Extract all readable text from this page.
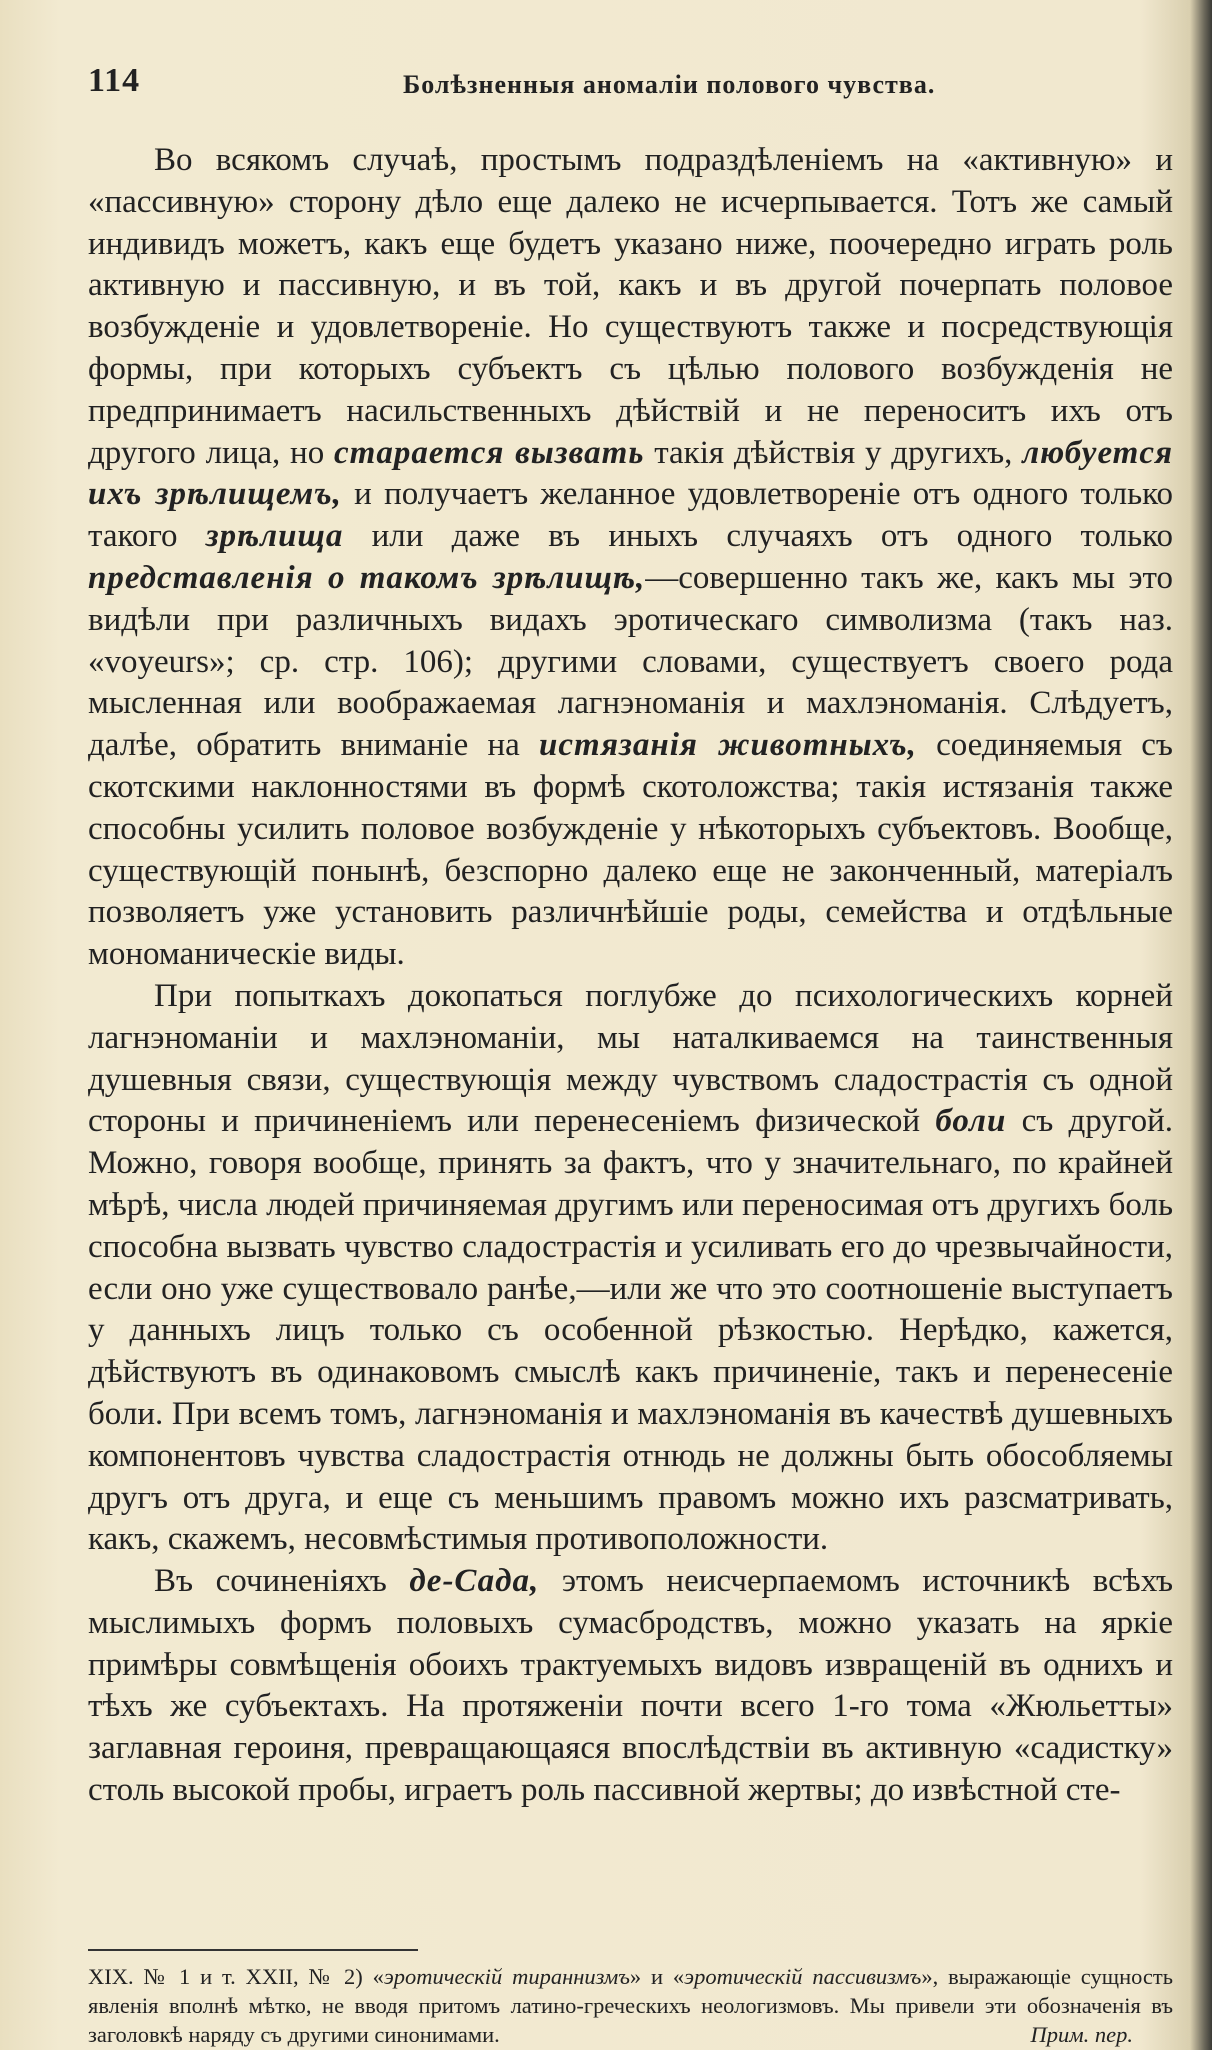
114	Болѣзненныя аномаліи полового чувства.

Во всякомъ случаѣ, простымъ подраздѣленіемъ на «активную» и «пассивную» сторону дѣло еще далеко не исчерпывается. Тотъ же самый индивидъ можетъ, какъ еще будетъ указано ниже, поочередно играть роль активную и пассивную, и въ той, какъ и въ другой почерпать половое возбужденіе и удовлетвореніе. Но существуютъ также и посредствующія формы, при которыхъ субъектъ съ цѣлью полового возбужденія не предпринимаетъ насильственныхъ дѣйствій и не переноситъ ихъ отъ другого лица, но старается вызвать такія дѣйствія у другихъ, любуется ихъ зрѣлищемъ, и получаетъ желанное удовлетвореніе отъ одного только такого зрѣлища или даже въ иныхъ случаяхъ отъ одного только представленія о такомъ зрѣлищѣ,—совершенно такъ же, какъ мы это видѣли при различныхъ видахъ эротическаго символизма (такъ наз. «voyeurs»; ср. стр. 106); другими словами, существуетъ своего рода мысленная или воображаемая лагнэноманія и махлэноманія. Слѣдуетъ, далѣе, обратить вниманіе на истязанія животныхъ, соединяемыя съ скотскими наклонностями въ формѣ скотоложства; такія истязанія также способны усилить половое возбужденіе у нѣкоторыхъ субъектовъ. Вообще, существующій понынѣ, безспорно далеко еще не законченный, матеріалъ позволяетъ уже установить различнѣйшіе роды, семейства и отдѣльные мономаническіе виды.

При попыткахъ докопаться поглубже до психологическихъ корней лагнэноманіи и махлэноманіи, мы наталкиваемся на таинственныя душевныя связи, существующія между чувствомъ сладострастія съ одной стороны и причиненіемъ или перенесеніемъ физической боли съ другой. Можно, говоря вообще, принять за фактъ, что у значительнаго, по крайней мѣрѣ, числа людей причиняемая другимъ или переносимая отъ другихъ боль способна вызвать чувство сладострастія и усиливать его до чрезвычайности, если оно уже существовало ранѣе,—или же что это соотношеніе выступаетъ у данныхъ лицъ только съ особенной рѣзкостью. Нерѣдко, кажется, дѣйствуютъ въ одинаковомъ смыслѣ какъ причиненіе, такъ и перенесеніе боли. При всемъ томъ, лагнэноманія и махлэноманія въ качествѣ душевныхъ компонентовъ чувства сладострастія отнюдь не должны быть обособляемы другъ отъ друга, и еще съ меньшимъ правомъ можно ихъ разсматривать, какъ, скажемъ, несовмѣстимыя противоположности.

Въ сочиненіяхъ де-Сада, этомъ неисчерпаемомъ источникѣ всѣхъ мыслимыхъ формъ половыхъ сумасбродствъ, можно указать на яркіе примѣры совмѣщенія обоихъ трактуемыхъ видовъ извращеній въ однихъ и тѣхъ же субъектахъ. На протяженіи почти всего 1-го тома «Жюльетты» заглавная героиня, превращающаяся впослѣдствіи въ активную «садистку» столь высокой пробы, играетъ роль пассивной жертвы; до извѣстной сте-

XIX. № 1 и т. XXII, № 2) «эротическій тираннизмъ» и «эротическій пассивизмъ», выражающіе сущность явленія вполнѣ мѣтко, не вводя притомъ латино-греческихъ неологизмовъ. Мы привели эти обозначенія въ заголовкѣ наряду съ другими синонимами.	Прим. пер.
